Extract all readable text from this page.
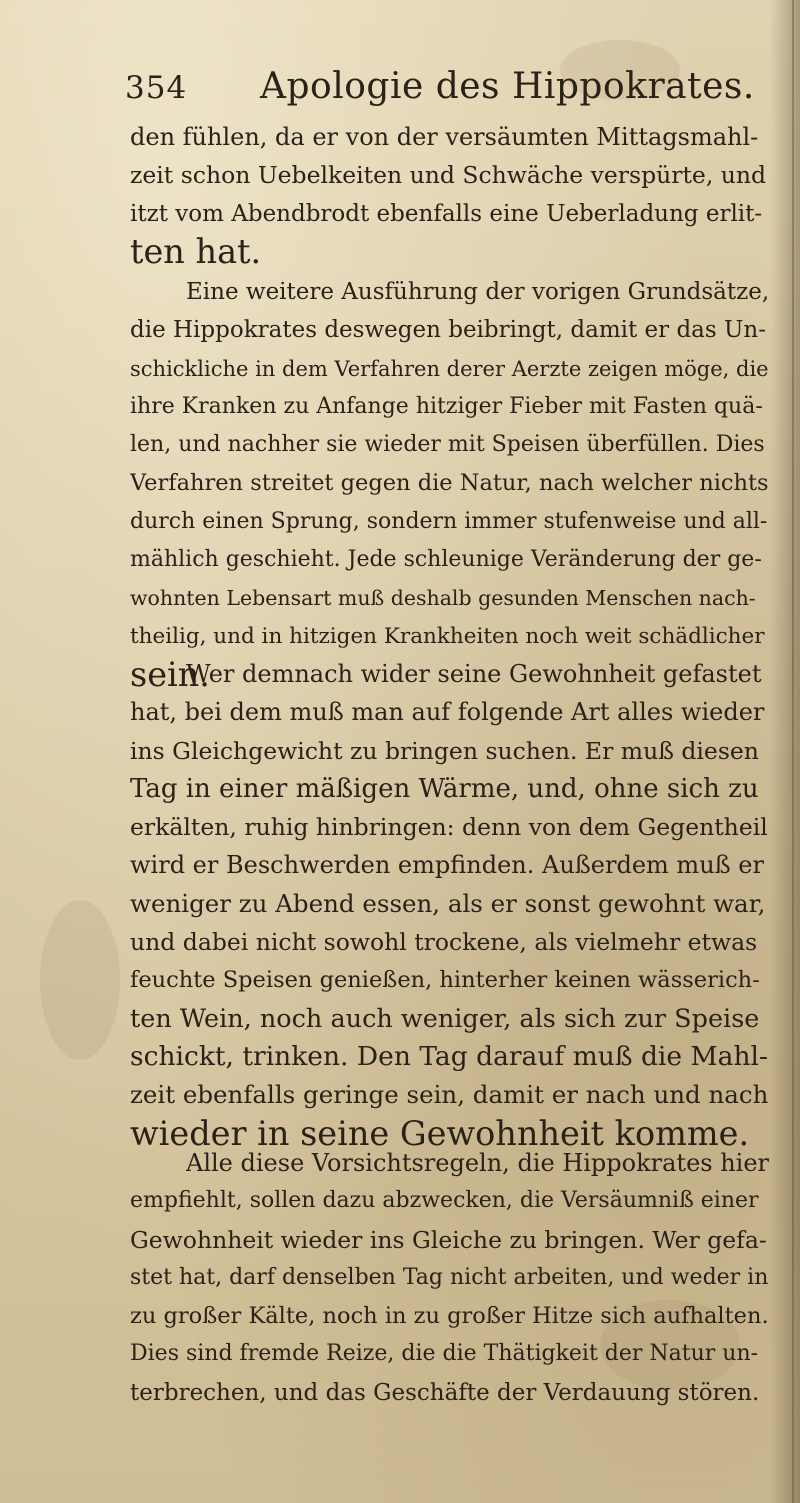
354 Apologie des Hippokrates.
den fühlen, da er von der versäumten Mittagsmahl-
zeit schon Uebelkeiten und Schwäche verspürte, und
itzt vom Abendbrodt ebenfalls eine Ueberladung erlit-
ten hat.
Eine weitere Ausführung der vorigen Grundsätze,
die Hippokrates deswegen beibringt, damit er das Un-
schickliche in dem Verfahren derer Aerzte zeigen möge, die
ihre Kranken zu Anfange hitziger Fieber mit Fasten quä-
len, und nachher sie wieder mit Speisen überfüllen. Dies
Verfahren streitet gegen die Natur, nach welcher nichts
durch einen Sprung, sondern immer stufenweise und all-
mählich geschieht. Jede schleunige Veränderung der ge-
wohnten Lebensart muß deshalb gesunden Menschen nach-
theilig, und in hitzigen Krankheiten noch weit schädlicher
sein.
Wer demnach wider seine Gewohnheit gefastet
hat, bei dem muß man auf folgende Art alles wieder
ins Gleichgewicht zu bringen suchen. Er muß diesen
Tag in einer mäßigen Wärme, und, ohne sich zu
erkälten, ruhig hinbringen: denn von dem Gegentheil
wird er Beschwerden empfinden. Außerdem muß er
weniger zu Abend essen, als er sonst gewohnt war,
und dabei nicht sowohl trockene, als vielmehr etwas
feuchte Speisen genießen, hinterher keinen wässerich-
ten Wein, noch auch weniger, als sich zur Speise
schickt, trinken. Den Tag darauf muß die Mahl-
zeit ebenfalls geringe sein, damit er nach und nach
wieder in seine Gewohnheit komme.
Alle diese Vorsichtsregeln, die Hippokrates hier
empfiehlt, sollen dazu abzwecken, die Versäumniß einer
Gewohnheit wieder ins Gleiche zu bringen. Wer gefa-
stet hat, darf denselben Tag nicht arbeiten, und weder in
zu großer Kälte, noch in zu großer Hitze sich aufhalten.
Dies sind fremde Reize, die die Thätigkeit der Natur un-
terbrechen, und das Geschäfte der Verdauung stören.
